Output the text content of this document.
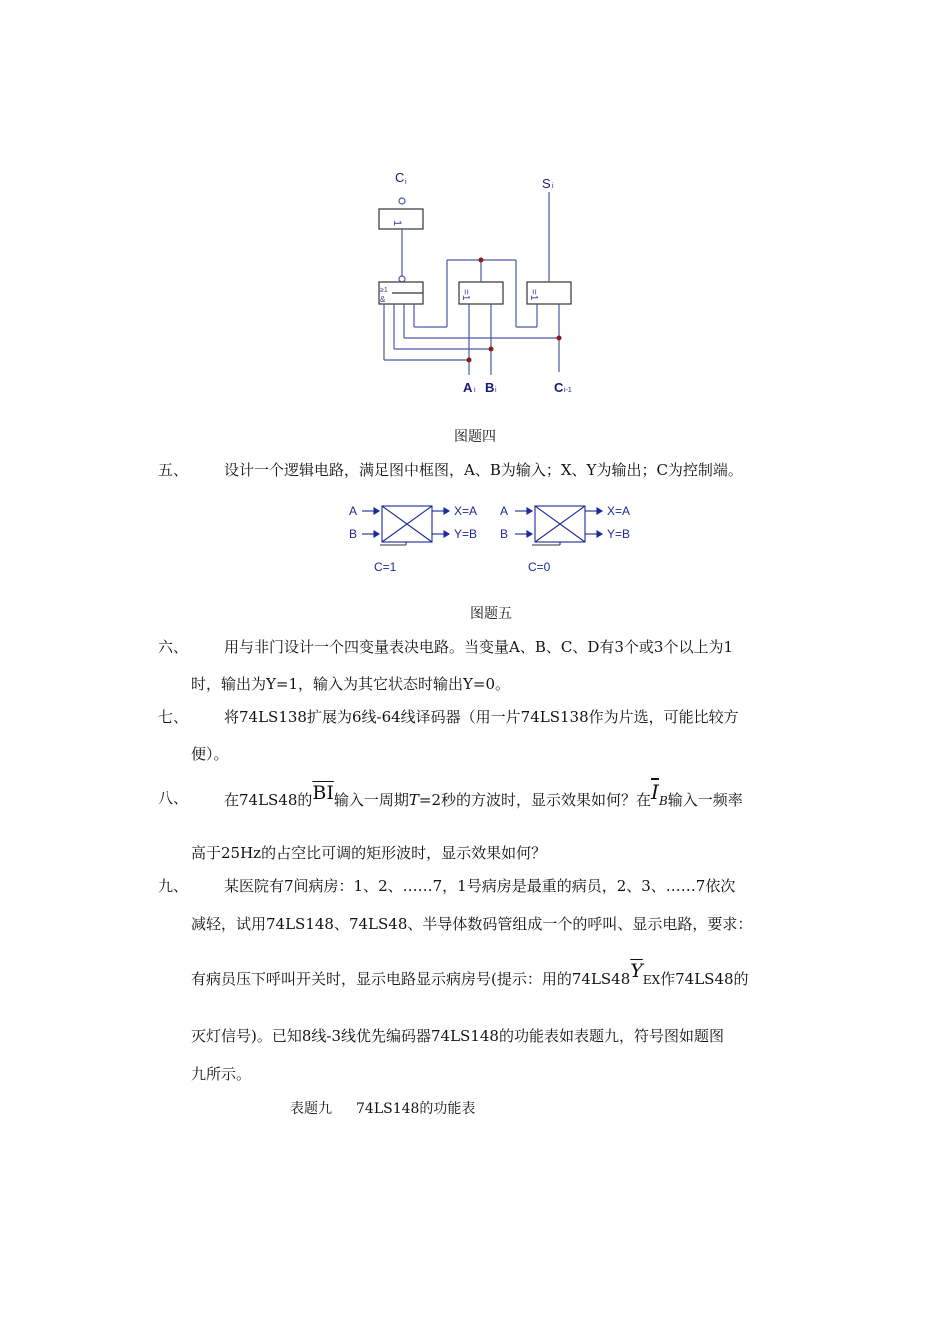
1
=1	=1
≥1
&
C i	S i
A i B i	C i-1
图题四
五、 设计一个逻辑电路，满足图中框图，A、B为输入；X、Y为输出；C为控制端。
A
B
X=A
Y=B
C=1
A
B
X=A
Y=B
C=0
图题五
六、 用与非门设计一个四变量表决电路。当变量A、B、C、D有3个或3个以上为1
时，输出为Y=1，输入为其它状态时输出Y=0。
七、 将74LS138扩展为6线-64线译码器（用一片74LS138作为片选，可能比较方
便）。
八、 在74LS48的$\overline{BI}$输入一周期T=2秒的方波时，显示效果如何？在$\overline{I}B$输入一频率
高于25Hz的占空比可调的矩形波时，显示效果如何？
九、 某医院有7间病房：1、2、……7，1号病房是最重的病员，2、3、……7依次
减轻，试用74LS148、74LS48、半导体数码管组成一个的呼叫、显示电路，要求：
有病员压下呼叫开关时，显示电路显示病房号(提示：用的$74LS48\overline{Y}EX$作74LS48的
灭灯信号)。已知8线-3线优先编码器74LS148的功能表如表题九，符号图如题图
九所示。
表题九 74LS148的功能表
